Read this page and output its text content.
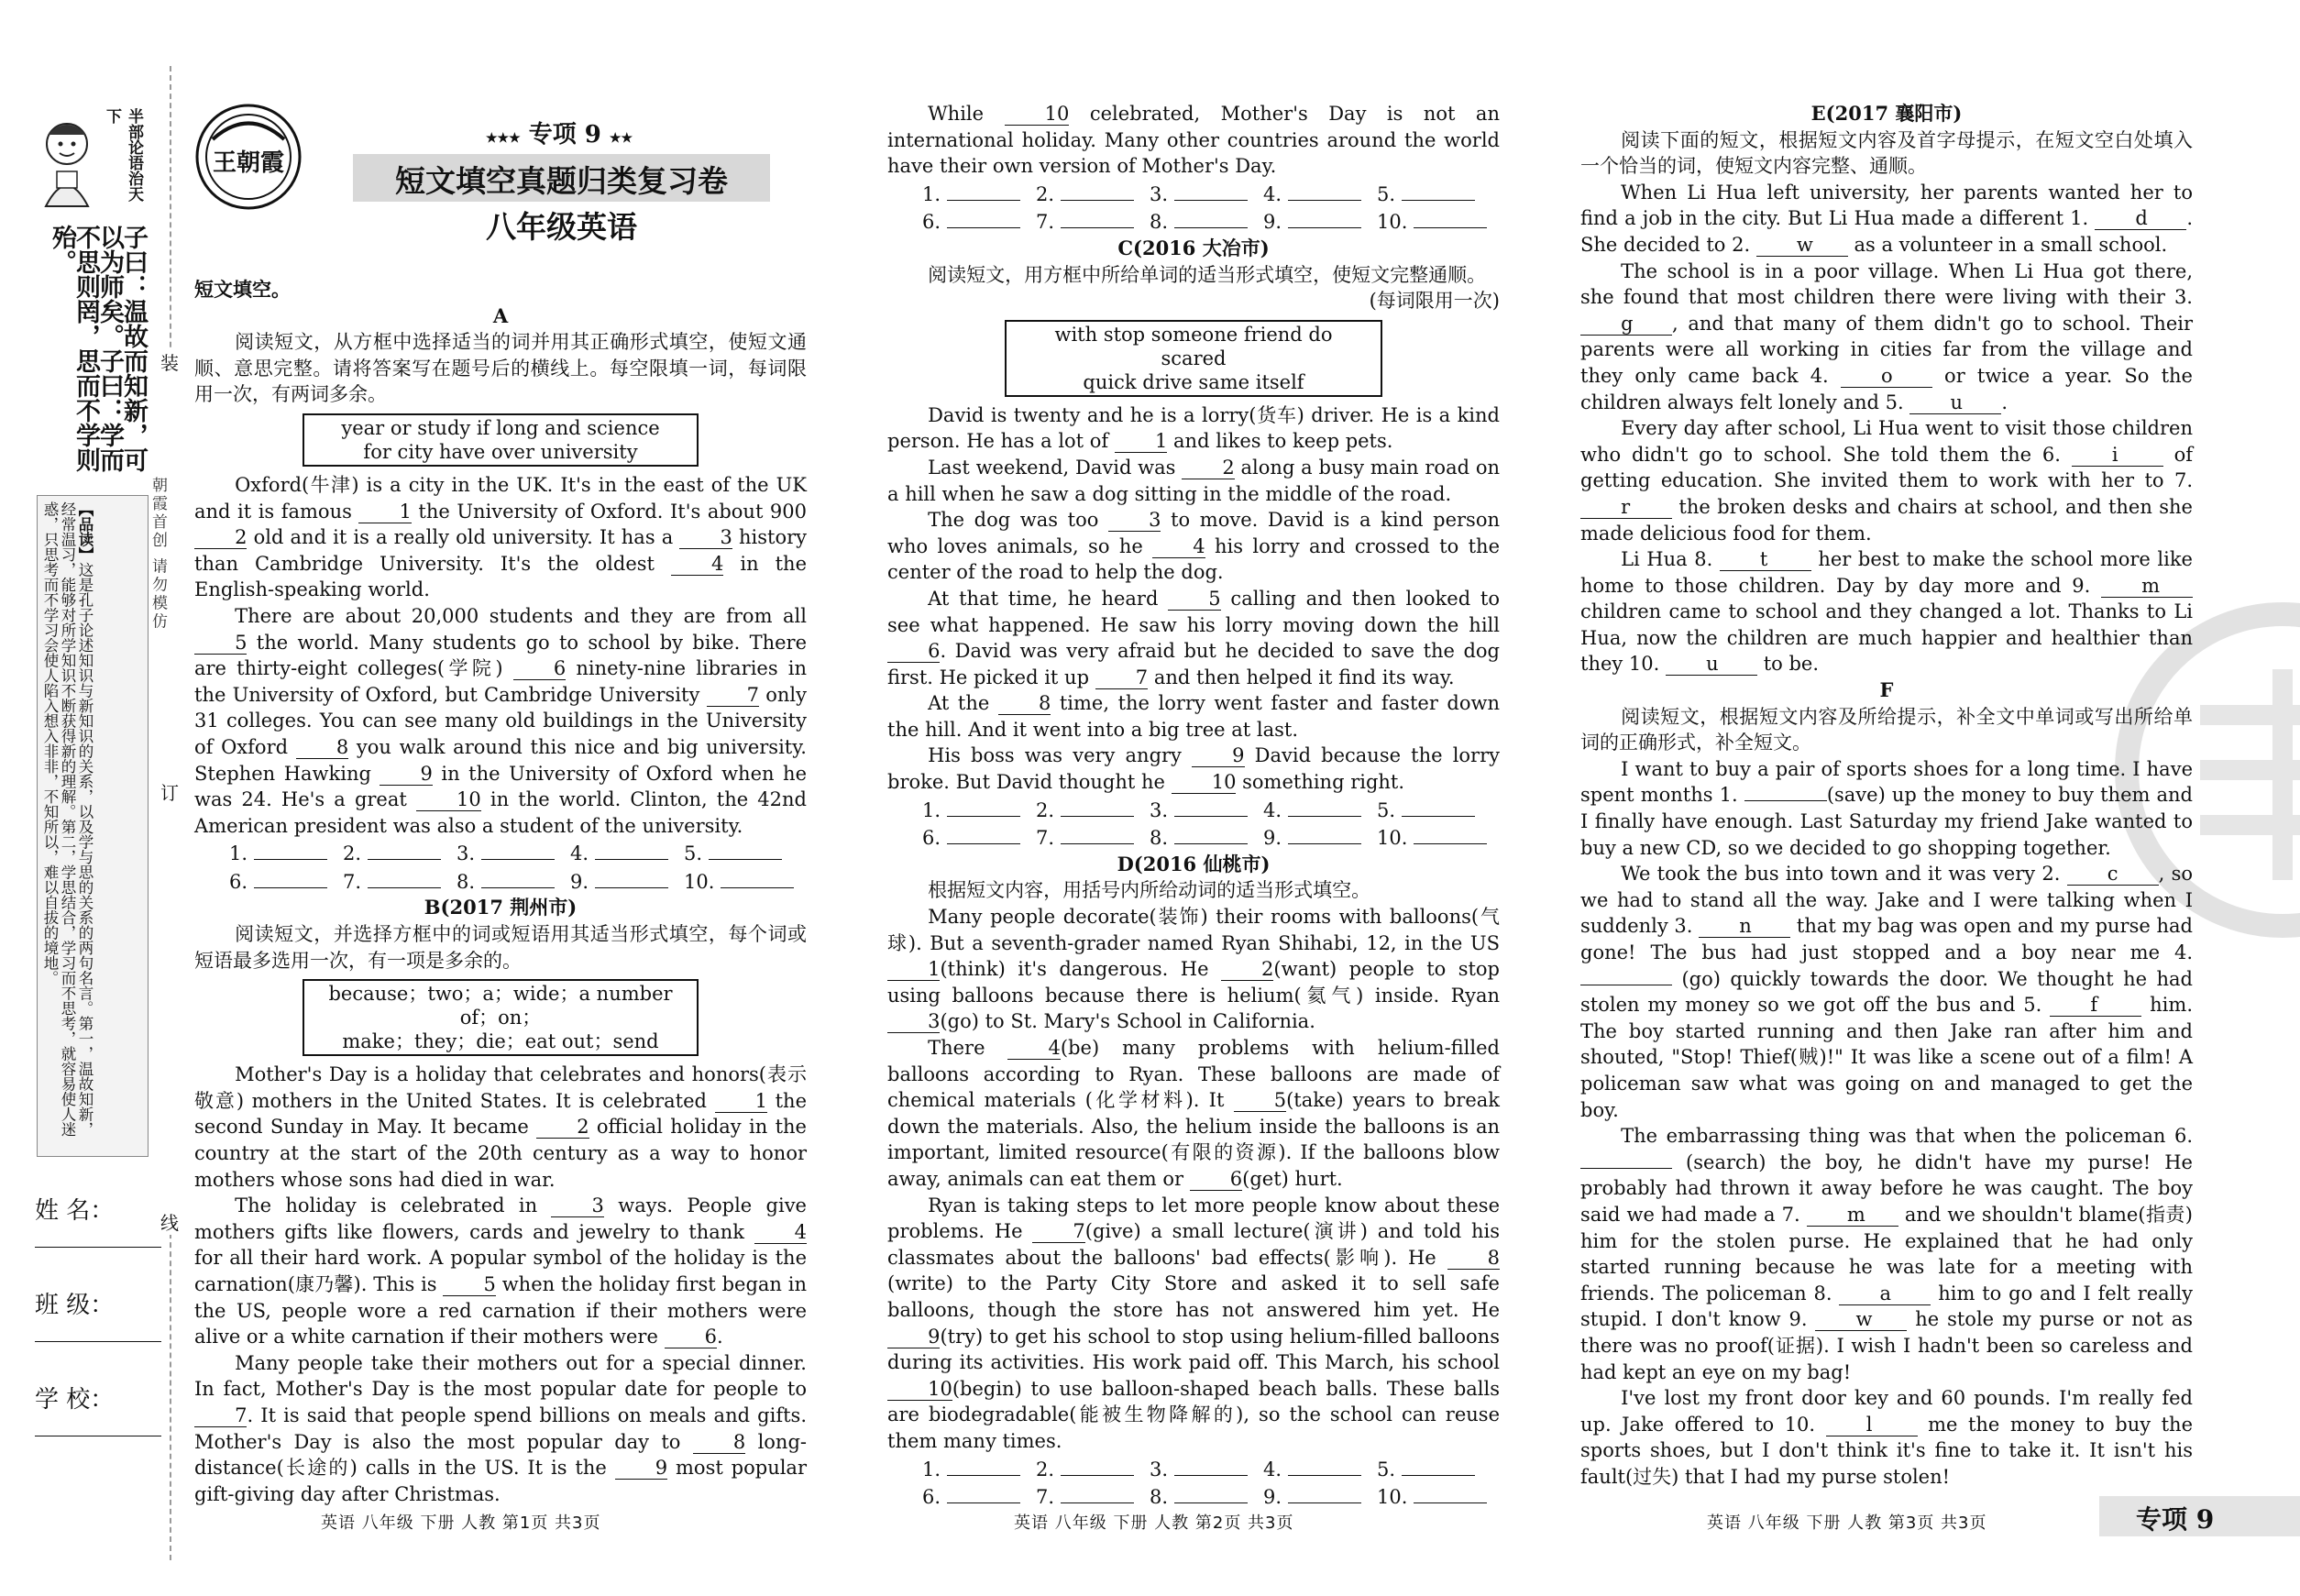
装
订
线
朝霞首创 请勿模仿
半部论语治天下
子曰：温故而知新，可以为师矣。子曰：学而不思则罔，思而不学则殆。
【品读】这是孔子论述知识与新知识的关系，以及学与思的关系的两句名言。第一，温故知新，经常温习，能够对所学知识不断获得新的理解。第二，学思结合，学习而不思考，就容易使人迷惑，只思考而不学习会使人陷入想入非非，不知所以，难以自拔的境地。
姓 名：
班 级：
学 校：
王朝霞
★★★ 专项 9 ★★
短文填空真题归类复习卷
八年级英语

短文填空。

A

阅读短文，从方框中选择适当的词并用其正确形式填空，使短文通顺、意思完整。请将答案写在题号后的横线上。每空限填一词，每词限用一次，有两词多余。

year or study if long and science
for city have over university

Oxford(牛津) is a city in the UK. It's in the east of the UK and it is famous 1 the University of Oxford. It's about 900 2 old and it is a really old university. It has a 3 history than Cambridge University. It's the oldest 4 in the English-speaking world.

There are about 20,000 students and they are from all 5 the world. Many students go to school by bike. There are thirty-eight colleges(学院) 6 ninety-nine libraries in the University of Oxford, but Cambridge University 7 only 31 colleges. You can see many old buildings in the University of Oxford 8 you walk around this nice and big university. Stephen Hawking 9 in the University of Oxford when he was 24. He's a great 10 in the world. Clinton, the 42nd American president was also a student of the university.

1.	2.	3.	4.	5.
6.	7.	8.	9.	10.

B(2017 荆州市)

阅读短文，并选择方框中的词或短语用其适当形式填空，每个词或短语最多选用一次，有一项是多余的。

because；two；a；wide；a number of；on；
make；they；die；eat out；send

Mother's Day is a holiday that celebrates and honors(表示敬意) mothers in the United States. It is celebrated 1 the second Sunday in May. It became 2 official holiday in the country at the start of the 20th century as a way to honor mothers whose sons had died in war.

The holiday is celebrated in 3 ways. People give mothers gifts like flowers, cards and jewelry to thank 4 for all their hard work. A popular symbol of the holiday is the carnation(康乃馨). This is 5 when the holiday first began in the US, people wore a red carnation if their mothers were alive or a white carnation if their mothers were 6.

Many people take their mothers out for a special dinner. In fact, Mother's Day is the most popular date for people to 7. It is said that people spend billions on meals and gifts. Mother's Day is also the most popular day to 8 long-distance(长途的) calls in the US. It is the 9 most popular gift-giving day after Christmas.

While 10 celebrated, Mother's Day is not an international holiday. Many other countries around the world have their own version of Mother's Day.

1.	2.	3.	4.	5.
6.	7.	8.	9.	10.

C(2016 大冶市)

阅读短文，用方框中所给单词的适当形式填空，使短文完整通顺。

(每词限用一次)

with stop someone friend do scared
quick drive same itself

David is twenty and he is a lorry(货车) driver. He is a kind person. He has a lot of 1 and likes to keep pets.

Last weekend, David was 2 along a busy main road on a hill when he saw a dog sitting in the middle of the road.

The dog was too 3 to move. David is a kind person who loves animals, so he 4 his lorry and crossed to the center of the road to help the dog.

At that time, he heard 5 calling and then looked to see what happened. He saw his lorry moving down the hill 6. David was very afraid but he decided to save the dog first. He picked it up 7 and then helped it find its way.

At the 8 time, the lorry went faster and faster down the hill. And it went into a big tree at last.

His boss was very angry 9 David because the lorry broke. But David thought he 10 something right.

1.	2.	3.	4.	5.
6.	7.	8.	9.	10.

D(2016 仙桃市)

根据短文内容，用括号内所给动词的适当形式填空。

Many people decorate(装饰) their rooms with balloons(气球). But a seventh-grader named Ryan Shihabi, 12, in the US 1(think) it's dangerous. He 2(want) people to stop using balloons because there is helium(氦气) inside. Ryan 3(go) to St. Mary's School in California.

There 4(be) many problems with helium-filled balloons according to Ryan. These balloons are made of chemical materials (化学材料). It 5(take) years to break down the materials. Also, the helium inside the balloons is an important, limited resource(有限的资源). If the balloons blow away, animals can eat them or 6(get) hurt.

Ryan is taking steps to let more people know about these problems. He 7(give) a small lecture(演讲) and told his classmates about the balloons' bad effects(影响). He 8(write) to the Party City Store and asked it to sell safe balloons, though the store has not answered him yet. He 9(try) to get his school to stop using helium-filled balloons during its activities. His work paid off. This March, his school 10(begin) to use balloon-shaped beach balls. These balls are biodegradable(能被生物降解的), so the school can reuse them many times.

1.	2.	3.	4.	5.
6.	7.	8.	9.	10.

E(2017 襄阳市)

阅读下面的短文，根据短文内容及首字母提示，在短文空白处填入一个恰当的词，使短文内容完整、通顺。

When Li Hua left university, her parents wanted her to find a job in the city. But Li Hua made a different 1. d . She decided to 2. w as a volunteer in a small school.

The school is in a poor village. When Li Hua got there, she found that most children there were living with their 3. g , and that many of them didn't go to school. Their parents were all working in cities far from the village and they only came back 4. o or twice a year. So the children always felt lonely and 5. u .

Every day after school, Li Hua went to visit those children who didn't go to school. She told them the 6. i of getting education. She invited them to work with her to 7. r the broken desks and chairs at school, and then she made delicious food for them.

Li Hua 8. t her best to make the school more like home to those children. Day by day more and 9. m children came to school and they changed a lot. Thanks to Li Hua, now the children are much happier and healthier than they 10. u to be.

F

阅读短文，根据短文内容及所给提示，补全文中单词或写出所给单词的正确形式，补全短文。

I want to buy a pair of sports shoes for a long time. I have spent months 1.	(save) up the money to buy them and I finally have enough. Last Saturday my friend Jake wanted to buy a new CD, so we decided to go shopping together.

We took the bus into town and it was very 2. c , so we had to stand all the way. Jake and I were talking when I suddenly 3. n that my bag was open and my purse had gone! The bus had just stopped and a boy near me 4.  (go) quickly towards the door. We thought he had stolen my money so we got off the bus and 5. f him. The boy started running and then Jake ran after him and shouted, "Stop! Thief(贼)!" It was like a scene out of a film! A policeman saw what was going on and managed to get the boy.

The embarrassing thing was that when the policeman 6.  (search) the boy, he didn't have my purse! He probably had thrown it away before he was caught. The boy said we had made a 7. m and we shouldn't blame(指责) him for the stolen purse. He explained that he had only started running because he was late for a meeting with friends. The policeman 8. a him to go and I felt really stupid. I don't know 9. w he stole my purse or not as there was no proof(证据). I wish I hadn't been so careless and had kept an eye on my bag!

I've lost my front door key and 60 pounds. I'm really fed up. Jake offered to 10. l me the money to buy the sports shoes, but I don't think it's fine to take it. It isn't his fault(过失) that I had my purse stolen!

英语 八年级 下册 人教 第1页 共3页	英语 八年级 下册 人教 第2页 共3页	英语 八年级 下册 人教 第3页 共3页	专项 9
